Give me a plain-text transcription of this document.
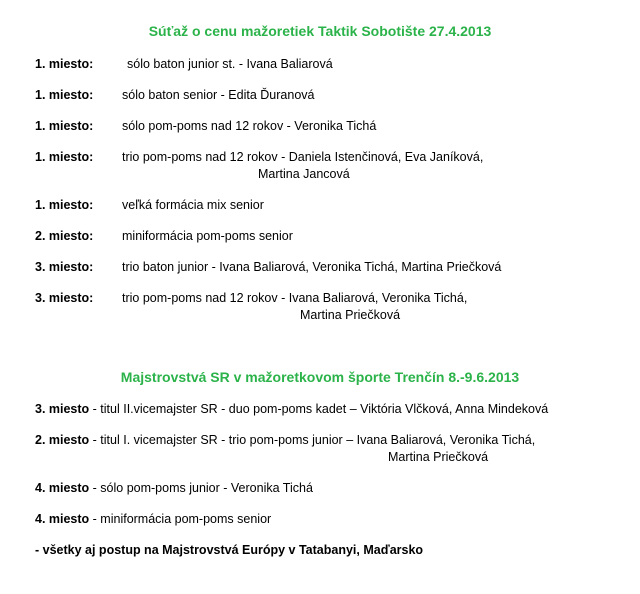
Súťaž o cenu mažoretiek Taktik Sobotište 27.4.2013
1. miesto:	sólo baton junior st. - Ivana Baliarová
1. miesto: sólo baton senior - Edita Ďuranová
1. miesto: sólo pom-poms nad 12 rokov - Veronika Tichá
1. miesto: trio pom-poms nad 12 rokov - Daniela Istenčinová, Eva Janíková,
Martina Jancová
1. miesto: veľká formácia mix senior
2. miesto: miniformácia pom-poms senior
3. miesto: trio baton junior - Ivana Baliarová, Veronika Tichá, Martina Priečková
3. miesto: trio pom-poms nad 12 rokov - Ivana Baliarová, Veronika Tichá,
Martina Priečková
Majstrovstvá SR v mažoretkovom športe Trenčín 8.-9.6.2013
3. miesto - titul II.vicemajster SR - duo pom-poms kadet – Viktória Vlčková, Anna Mindeková
2. miesto - titul I. vicemajster SR - trio pom-poms junior – Ivana Baliarová, Veronika Tichá,
Martina Priečková
4. miesto - sólo pom-poms junior - Veronika Tichá
4. miesto - miniformácia pom-poms senior
- všetky aj postup na Majstrovstvá Európy v Tatabanyi, Maďarsko
